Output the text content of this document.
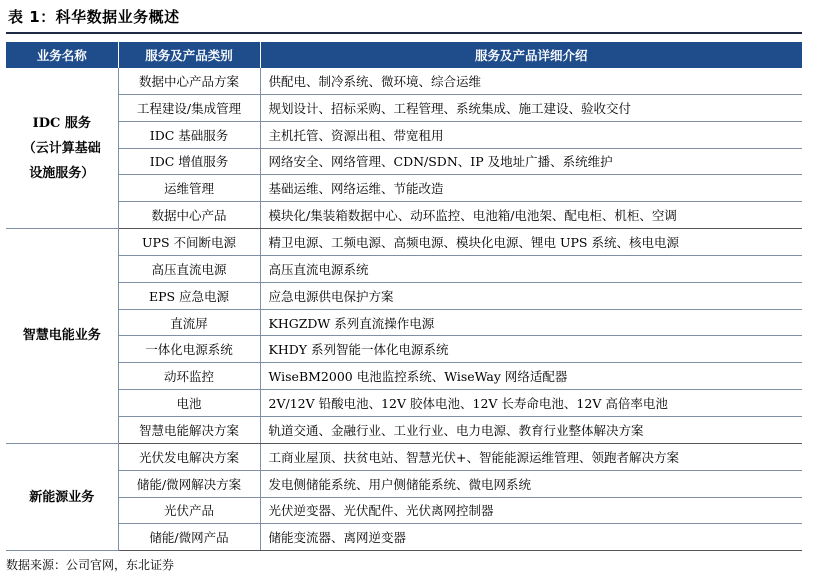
表 1：科华数据业务概述
业务名称	服务及产品类别	服务及产品详细介绍

IDC 服务
（云计算基础
设施服务）	数据中心产品方案	供配电、制冷系统、微环境、综合运维
	工程建设/集成管理	规划设计、招标采购、工程管理、系统集成、施工建设、验收交付
	IDC 基础服务	主机托管、资源出租、带宽租用
	IDC 增值服务	网络安全、网络管理、CDN/SDN、IP 及地址广播、系统维护
	运维管理	基础运维、网络运维、节能改造
	数据中心产品	模块化/集装箱数据中心、动环监控、电池箱/电池架、配电柜、机柜、空调

智慧电能业务	UPS 不间断电源	精卫电源、工频电源、高频电源、模块化电源、锂电 UPS 系统、核电电源
	高压直流电源	高压直流电源系统
	EPS 应急电源	应急电源供电保护方案
	直流屏	KHGZDW 系列直流操作电源
	一体化电源系统	KHDY 系列智能一体化电源系统
	动环监控	WiseBM2000 电池监控系统、WiseWay 网络适配器
	电池	2V/12V 铅酸电池、12V 胶体电池、12V 长寿命电池、12V 高倍率电池
	智慧电能解决方案	轨道交通、金融行业、工业行业、电力电源、教育行业整体解决方案

新能源业务	光伏发电解决方案	工商业屋顶、扶贫电站、智慧光伏+、智能能源运维管理、领跑者解决方案
	储能/微网解决方案	发电侧储能系统、用户侧储能系统、微电网系统
	光伏产品	光伏逆变器、光伏配件、光伏离网控制器
	储能/微网产品	储能变流器、离网逆变器
数据来源：公司官网，东北证券
